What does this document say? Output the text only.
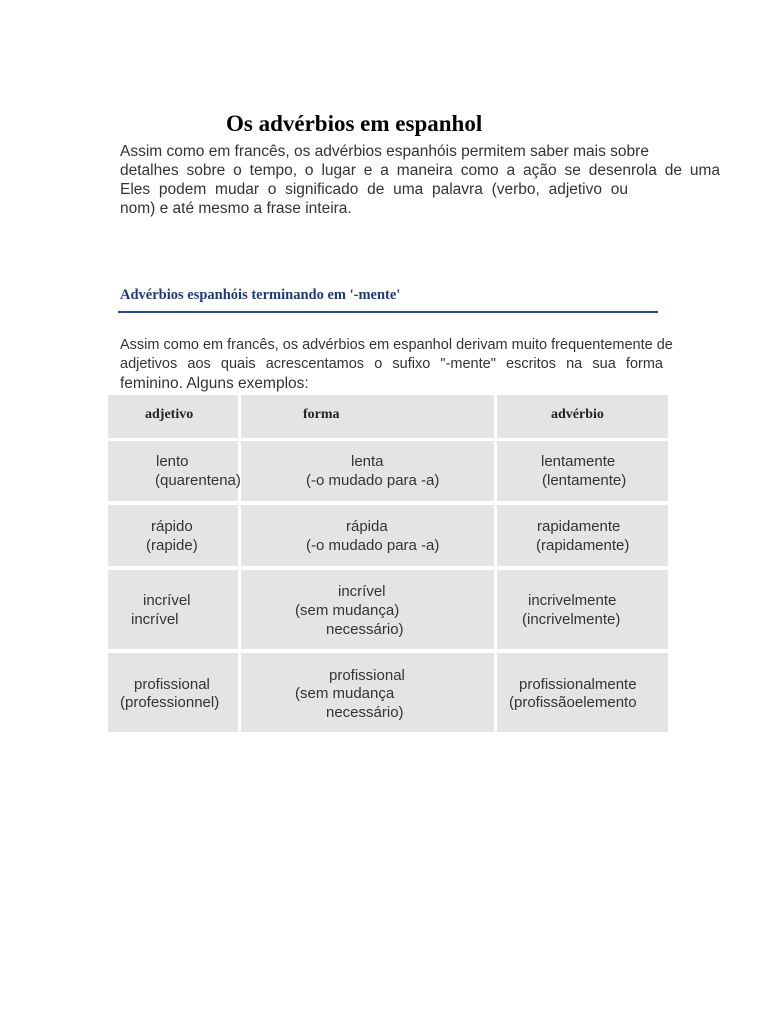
Os advérbios em espanhol
Assim como em francês, os advérbios espanhóis permitem saber mais sobre
detalhes sobre o tempo, o lugar e a maneira como a ação se desenrola de uma
Eles podem mudar o significado de uma palavra (verbo, adjetivo ou
nom) e até mesmo a frase inteira.
Advérbios espanhóis terminando em '-mente'
Assim como em francês, os advérbios em espanhol derivam muito frequentemente de
adjetivos aos quais acrescentamos o sufixo "-mente" escritos na sua forma
feminino. Alguns exemplos:
adjetivo	forma	advérbio
lento
(quarentena)
lenta
(-o mudado para -a)
lentamente
(lentamente)
rápido
(rapide)
rápida
(-o mudado para -a)
rapidamente
(rapidamente)
incrível
incrível
incrível
(sem mudança)
necessário)
incrivelmente
(incrivelmente)
profissional
(professionnel)
profissional
(sem mudança
necessário)
profissionalmente
(profissãoelemento
